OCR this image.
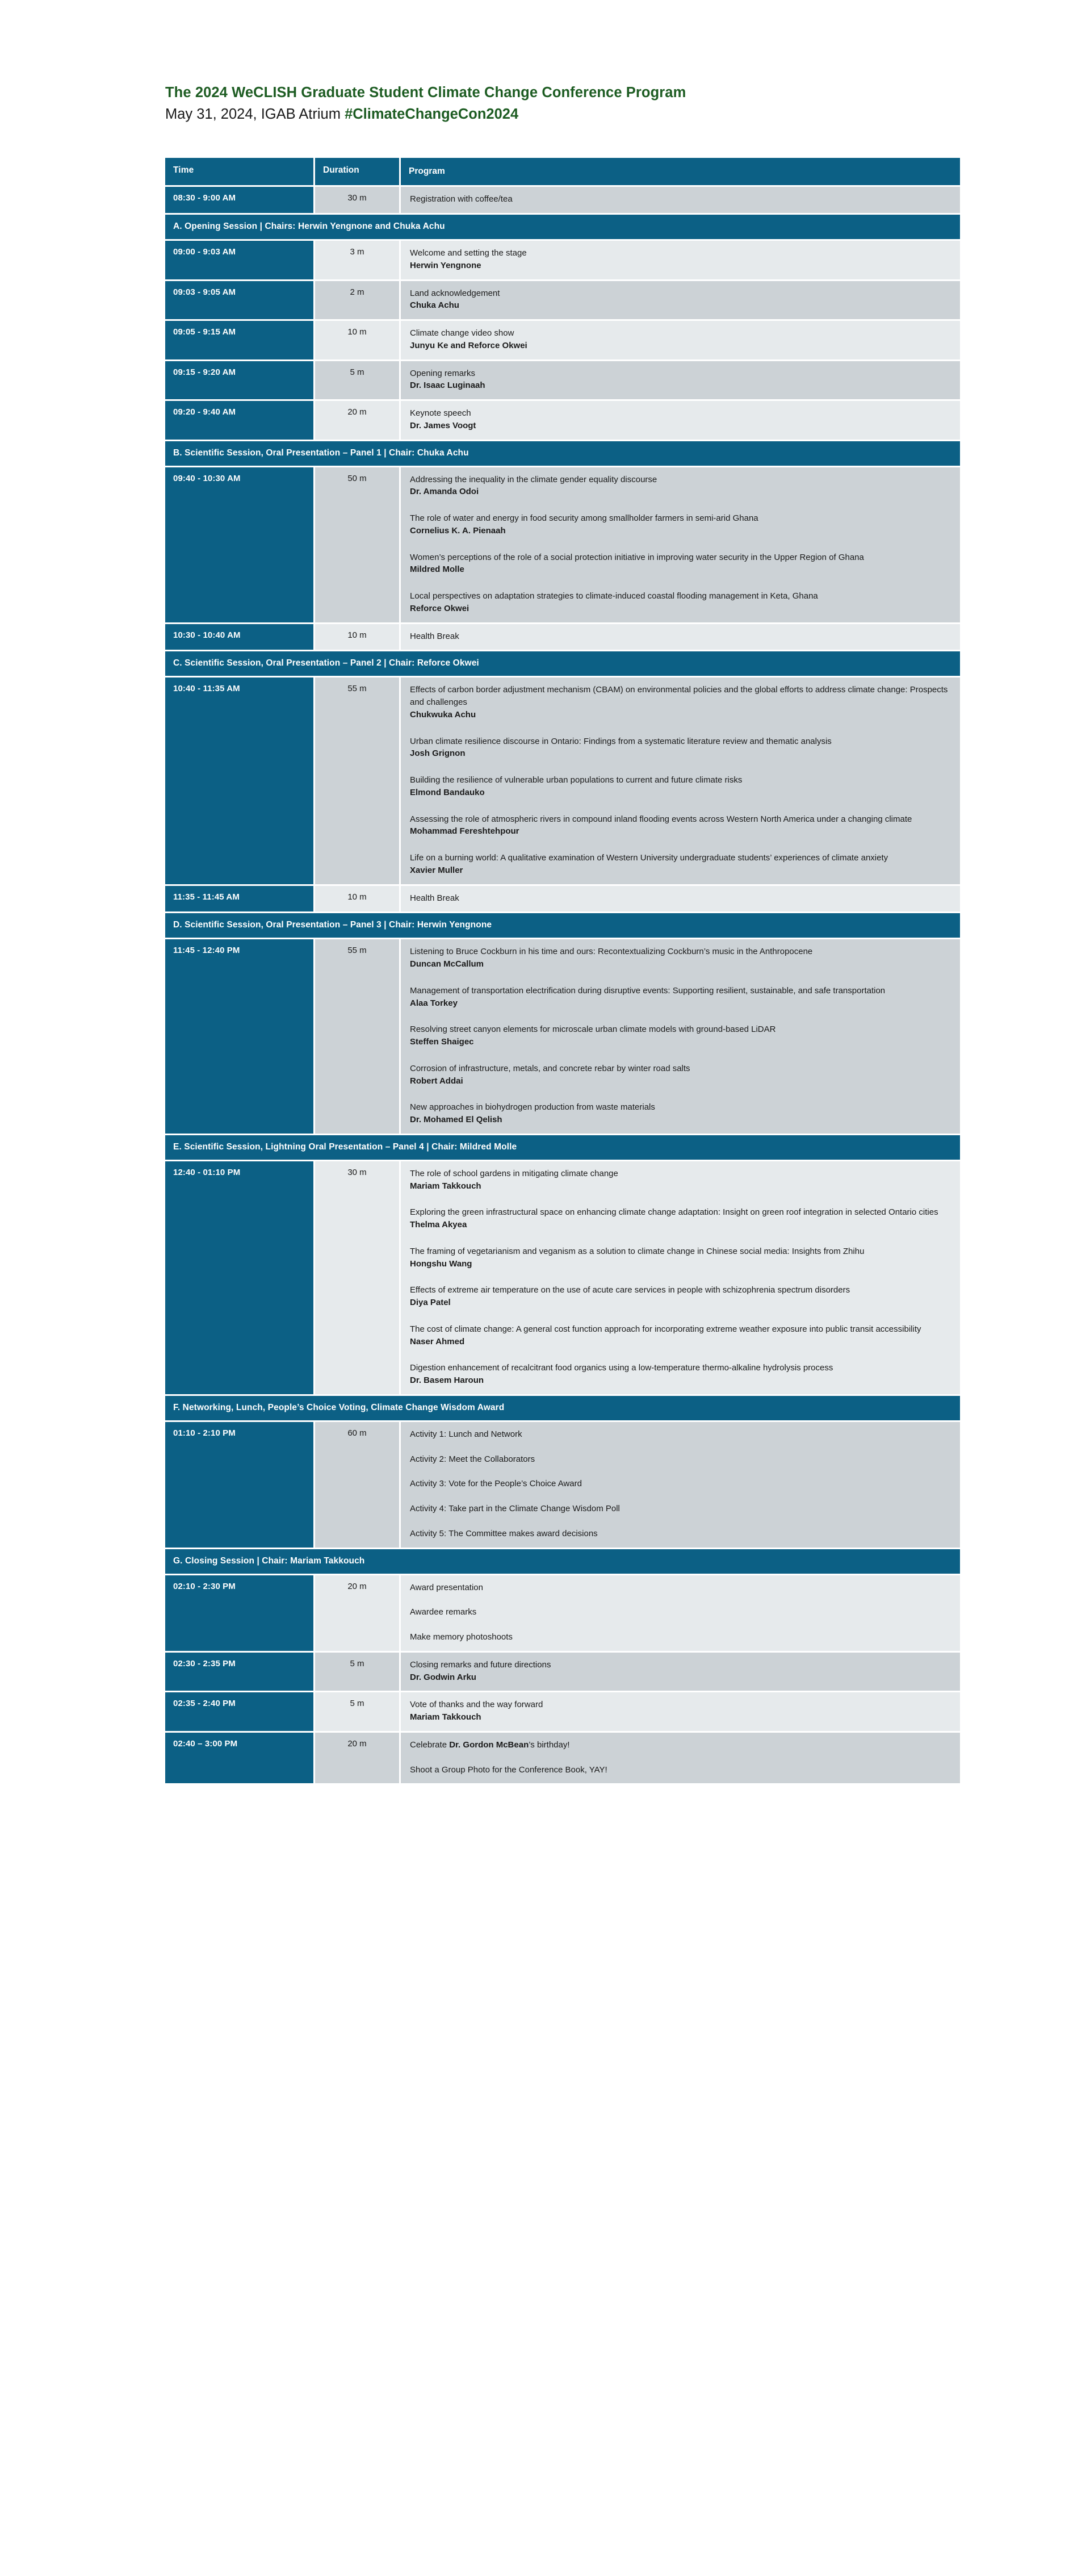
The 2024 WeCLISH Graduate Student Climate Change Conference Program
May 31, 2024, IGAB Atrium #ClimateChangeCon2024
Time	Duration	Program
08:30 - 9:00 AM	30 m	Registration with coffee/tea
A. Opening Session | Chairs: Herwin Yengnone and Chuka Achu
09:00 - 9:03 AM	3 m	Welcome and setting the stage
Herwin Yengnone
09:03 - 9:05 AM	2 m	Land acknowledgement
Chuka Achu
09:05 - 9:15 AM	10 m	Climate change video show
Junyu Ke and Reforce Okwei
09:15 - 9:20 AM	5 m	Opening remarks
Dr. Isaac Luginaah
09:20 - 9:40 AM	20 m	Keynote speech
Dr. James Voogt
B. Scientific Session, Oral Presentation – Panel 1 | Chair: Chuka Achu
09:40 - 10:30 AM	50 m	Addressing the inequality in the climate gender equality discourse
Dr. Amanda Odoi
The role of water and energy in food security among smallholder farmers in semi-arid Ghana
Cornelius K. A. Pienaah
Women’s perceptions of the role of a social protection initiative in improving water security in the Upper Region of Ghana
Mildred Molle
Local perspectives on adaptation strategies to climate-induced coastal flooding management in Keta, Ghana
Reforce Okwei
10:30 - 10:40 AM	10 m	Health Break
C. Scientific Session, Oral Presentation – Panel 2 | Chair: Reforce Okwei
10:40 - 11:35 AM	55 m	Effects of carbon border adjustment mechanism (CBAM) on environmental policies and the global efforts to address climate change: Prospects and challenges
Chukwuka Achu
Urban climate resilience discourse in Ontario: Findings from a systematic literature review and thematic analysis
Josh Grignon
Building the resilience of vulnerable urban populations to current and future climate risks
Elmond Bandauko
Assessing the role of atmospheric rivers in compound inland flooding events across Western North America under a changing climate
Mohammad Fereshtehpour
Life on a burning world: A qualitative examination of Western University undergraduate students’ experiences of climate anxiety
Xavier Muller
11:35 - 11:45 AM	10 m	Health Break
D. Scientific Session, Oral Presentation – Panel 3 | Chair: Herwin Yengnone
11:45 - 12:40 PM	55 m	Listening to Bruce Cockburn in his time and ours: Recontextualizing Cockburn’s music in the Anthropocene
Duncan McCallum
Management of transportation electrification during disruptive events: Supporting resilient, sustainable, and safe transportation
Alaa Torkey
Resolving street canyon elements for microscale urban climate models with ground-based LiDAR
Steffen Shaigec
Corrosion of infrastructure, metals, and concrete rebar by winter road salts
Robert Addai
New approaches in biohydrogen production from waste materials
Dr. Mohamed El Qelish
E. Scientific Session, Lightning Oral Presentation – Panel 4 | Chair: Mildred Molle
12:40 - 01:10 PM	30 m	The role of school gardens in mitigating climate change
Mariam Takkouch
Exploring the green infrastructural space on enhancing climate change adaptation: Insight on green roof integration in selected Ontario cities
Thelma Akyea
The framing of vegetarianism and veganism as a solution to climate change in Chinese social media: Insights from Zhihu
Hongshu Wang
Effects of extreme air temperature on the use of acute care services in people with schizophrenia spectrum disorders
Diya Patel
The cost of climate change: A general cost function approach for incorporating extreme weather exposure into public transit accessibility
Naser Ahmed
Digestion enhancement of recalcitrant food organics using a low-temperature thermo-alkaline hydrolysis process
Dr. Basem Haroun
F. Networking, Lunch, People’s Choice Voting, Climate Change Wisdom Award
01:10 - 2:10 PM	60 m	Activity 1: Lunch and Network
Activity 2: Meet the Collaborators
Activity 3: Vote for the People’s Choice Award
Activity 4: Take part in the Climate Change Wisdom Poll
Activity 5: The Committee makes award decisions
G. Closing Session | Chair: Mariam Takkouch
02:10 - 2:30 PM	20 m	Award presentation
Awardee remarks
Make memory photoshoots
02:30 - 2:35 PM	5 m	Closing remarks and future directions
Dr. Godwin Arku
02:35 - 2:40 PM	5 m	Vote of thanks and the way forward
Mariam Takkouch
02:40 – 3:00 PM	20 m	Celebrate Dr. Gordon McBean’s birthday!
Shoot a Group Photo for the Conference Book, YAY!
